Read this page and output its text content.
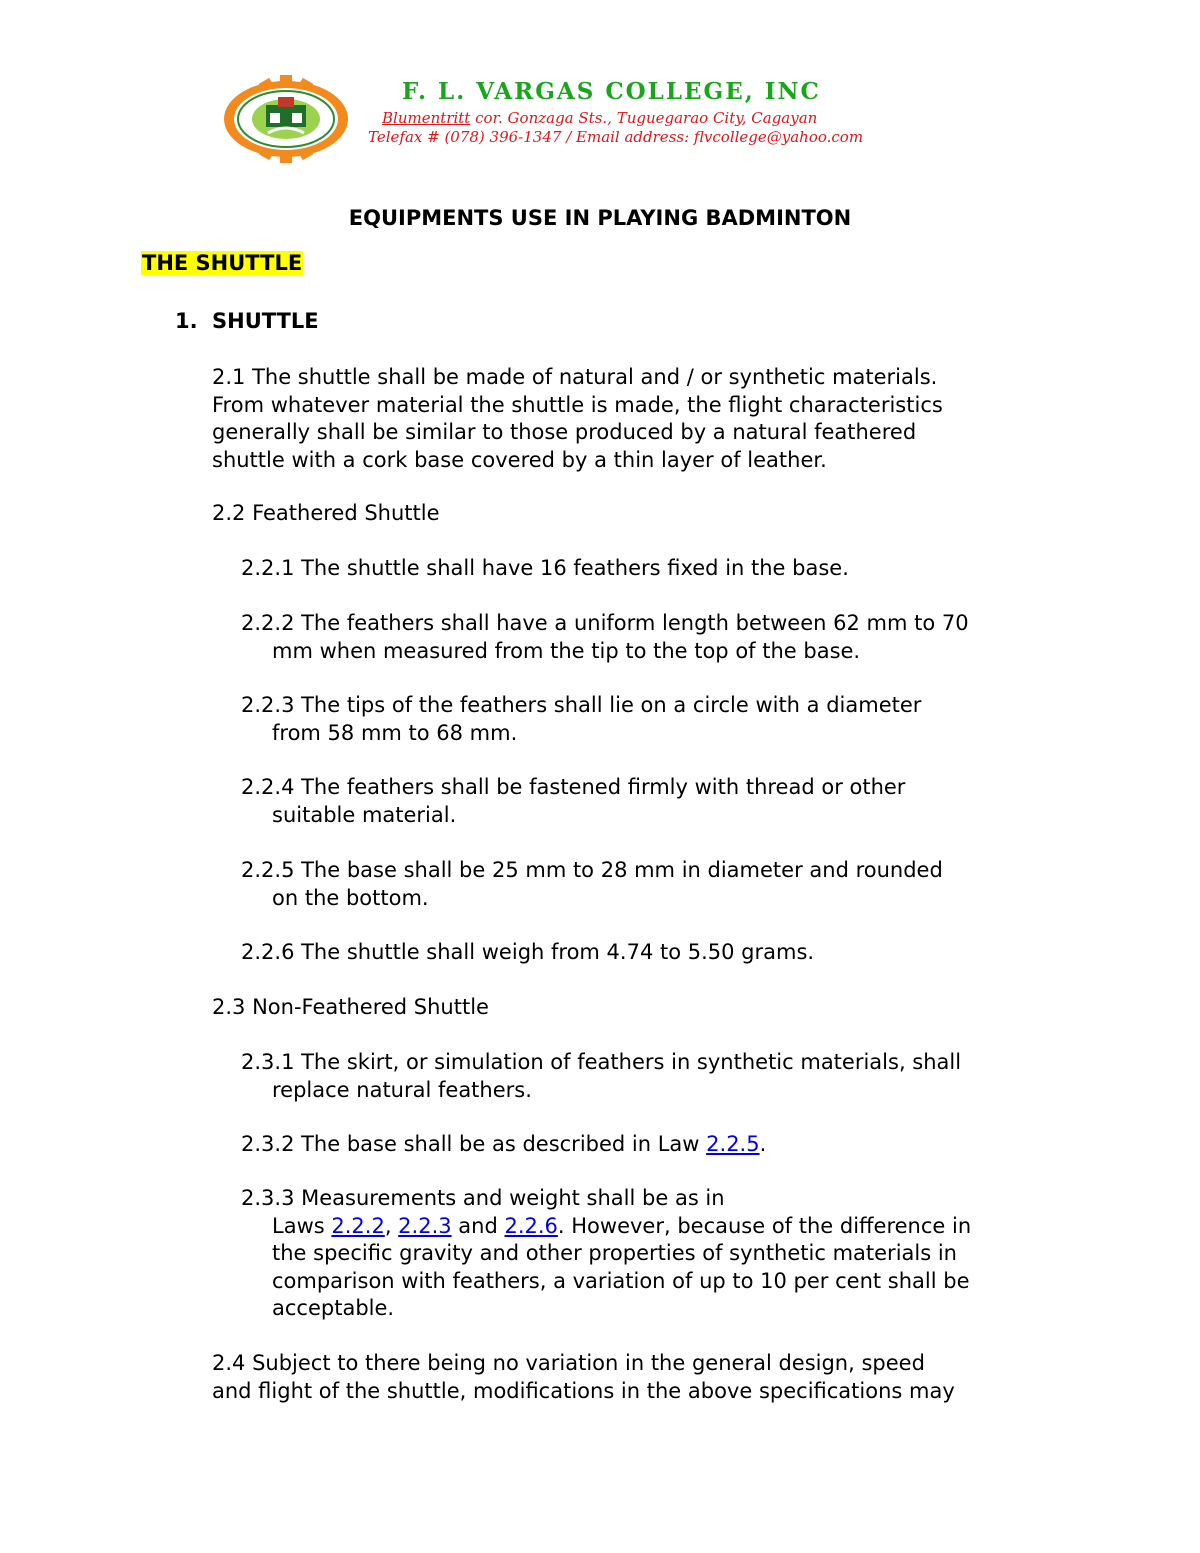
F. L. VARGAS COLLEGE, INC
Blumentritt cor. Gonzaga Sts., Tuguegarao City, Cagayan
Telefax # (078) 396-1347 / Email address: flvcollege@yahoo.com
EQUIPMENTS USE IN PLAYING BADMINTON
THE SHUTTLE
1. SHUTTLE
2.1 The shuttle shall be made of natural and / or synthetic materials.
From whatever material the shuttle is made, the flight characteristics
generally shall be similar to those produced by a natural feathered
shuttle with a cork base covered by a thin layer of leather.
2.2 Feathered Shuttle
2.2.1 The shuttle shall have 16 feathers fixed in the base.
2.2.2 The feathers shall have a uniform length between 62 mm to 70
mm when measured from the tip to the top of the base.
2.2.3 The tips of the feathers shall lie on a circle with a diameter
from 58 mm to 68 mm.
2.2.4 The feathers shall be fastened firmly with thread or other
suitable material.
2.2.5 The base shall be 25 mm to 28 mm in diameter and rounded
on the bottom.
2.2.6 The shuttle shall weigh from 4.74 to 5.50 grams.
2.3 Non-Feathered Shuttle
2.3.1 The skirt, or simulation of feathers in synthetic materials, shall
replace natural feathers.
2.3.2 The base shall be as described in Law 2.2.5.
2.3.3 Measurements and weight shall be as in
Laws 2.2.2, 2.2.3 and 2.2.6. However, because of the difference in
the specific gravity and other properties of synthetic materials in
comparison with feathers, a variation of up to 10 per cent shall be
acceptable.
2.4 Subject to there being no variation in the general design, speed
and flight of the shuttle, modifications in the above specifications may
